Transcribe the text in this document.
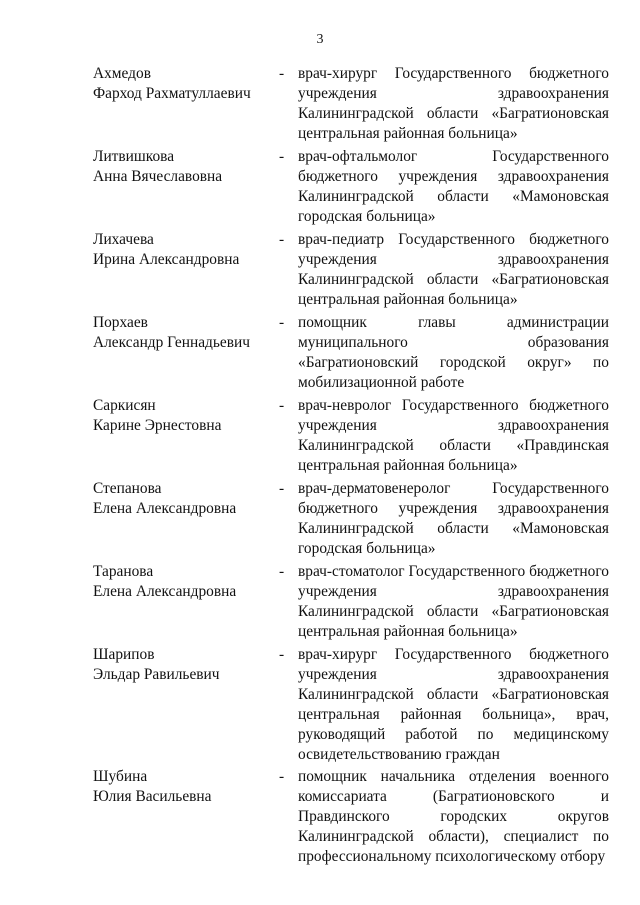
3
Ахмедов
Фарход Рахматуллаевич
- врач-хирург Государственного бюджетного учреждения здравоохранения Калининградской области «Багратионовская центральная районная больница»
Литвишкова
Анна Вячеславовна
- врач-офтальмолог Государственного бюджетного учреждения здравоохранения Калининградской области «Мамоновская городская больница»
Лихачева
Ирина Александровна
- врач-педиатр Государственного бюджетного учреждения здравоохранения Калининградской области «Багратионовская центральная районная больница»
Порхаев
Александр Геннадьевич
- помощник главы администрации муниципального образования «Багратионовский городской округ» по мобилизационной работе
Саркисян
Карине Эрнестовна
- врач-невролог Государственного бюджетного учреждения здравоохранения Калининградской области «Правдинская центральная районная больница»
Степанова
Елена Александровна
- врач-дерматовенеролог Государственного бюджетного учреждения здравоохранения Калининградской области «Мамоновская городская больница»
Таранова
Елена Александровна
- врач-стоматолог Государственного бюджетного учреждения здравоохранения Калининградской области «Багратионовская центральная районная больница»
Шарипов
Эльдар Равильевич
- врач-хирург Государственного бюджетного учреждения здравоохранения Калининградской области «Багратионовская центральная районная больница», врач, руководящий работой по медицинскому освидетельствованию граждан
Шубина
Юлия Васильевна
- помощник начальника отделения военного комиссариата (Багратионовского и Правдинского городских округов Калининградской области), специалист по профессиональному психологическому отбору
